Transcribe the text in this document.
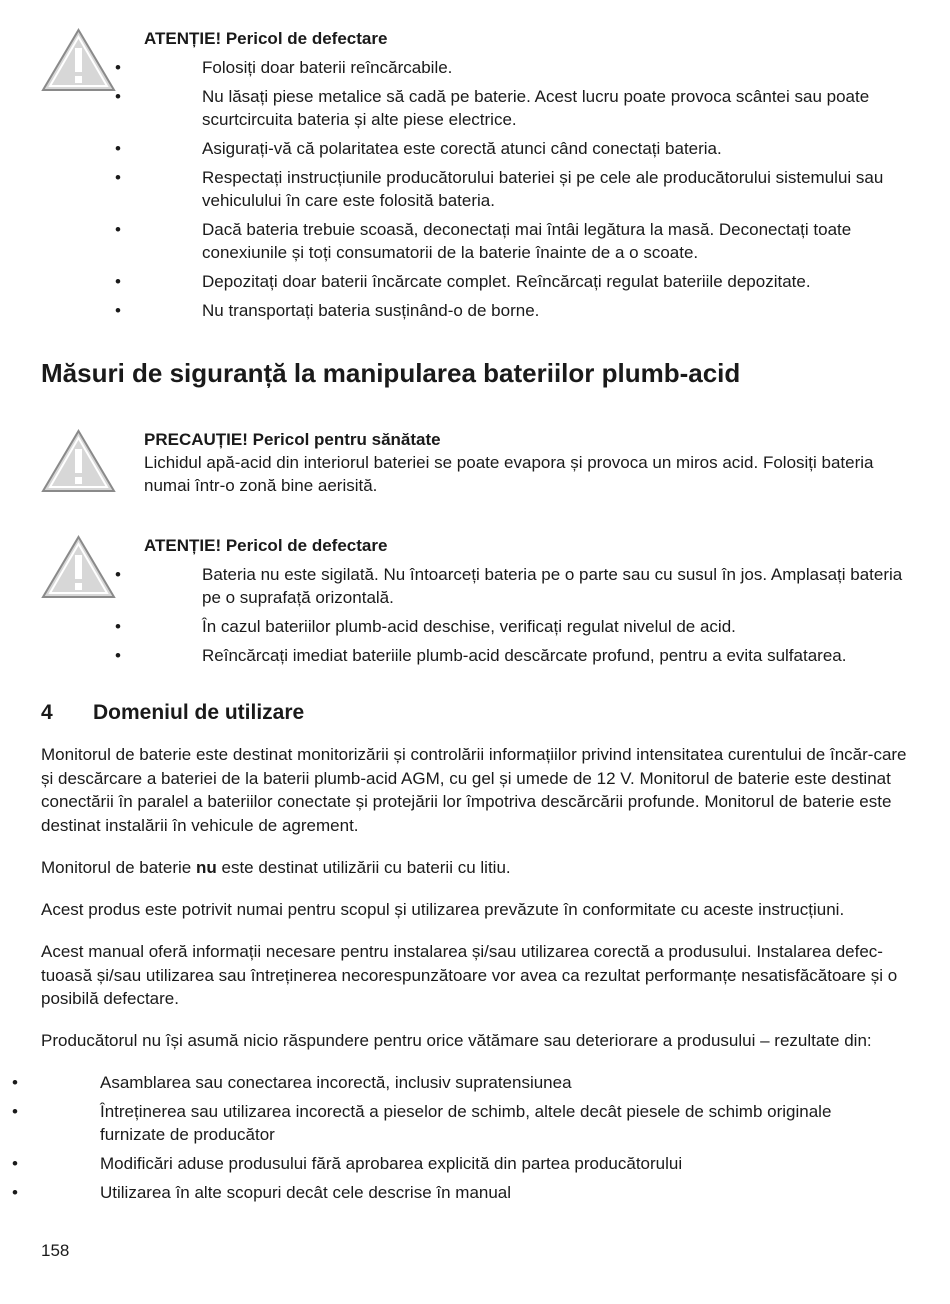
ATENȚIE! Pericol de defectare

•	Folosiți doar baterii reîncărcabile.
•	Nu lăsați piese metalice să cadă pe baterie. Acest lucru poate provoca scântei sau poate scurtcircuita bateria și alte piese electrice.
•	Asigurați-vă că polaritatea este corectă atunci când conectați bateria.
•	Respectați instrucțiunile producătorului bateriei și pe cele ale producătorului sistemului sau vehiculului în care este folosită bateria.
•	Dacă bateria trebuie scoasă, deconectați mai întâi legătura la masă. Deconectați toate conexiunile și toți consumatorii de la baterie înainte de a o scoate.
•	Depozitați doar baterii încărcate complet. Reîncărcați regulat bateriile depozitate.
•	Nu transportați bateria susținând-o de borne.
Măsuri de siguranță la manipularea bateriilor plumb-acid

PRECAUȚIE! Pericol pentru sănătate

Lichidul apă-acid din interiorul bateriei se poate evapora și provoca un miros acid. Folosiți bateria numai într-o zonă bine aerisită.

ATENȚIE! Pericol de defectare

•	Bateria nu este sigilată. Nu întoarceți bateria pe o parte sau cu susul în jos. Amplasați bateria pe o suprafață orizontală.
•	În cazul bateriilor plumb-acid deschise, verificați regulat nivelul de acid.
•	Reîncărcați imediat bateriile plumb-acid descărcate profund, pentru a evita sulfatarea.
4 Domeniul de utilizare

Monitorul de baterie este destinat monitorizării și controlării informațiilor privind intensitatea curentului de încăr-care și descărcare a bateriei de la baterii plumb-acid AGM, cu gel și umede de 12 V. Monitorul de baterie este destinat conectării în paralel a bateriilor conectate și protejării lor împotriva descărcării profunde. Monitorul de baterie este destinat instalării în vehicule de agrement.

Monitorul de baterie nu este destinat utilizării cu baterii cu litiu.

Acest produs este potrivit numai pentru scopul și utilizarea prevăzute în conformitate cu aceste instrucțiuni.

Acest manual oferă informații necesare pentru instalarea și/sau utilizarea corectă a produsului. Instalarea defec-tuoasă și/sau utilizarea sau întreținerea necorespunzătoare vor avea ca rezultat performanțe nesatisfăcătoare și o posibilă defectare.

Producătorul nu își asumă nicio răspundere pentru orice vătămare sau deteriorare a produsului – rezultate din:

•	Asamblarea sau conectarea incorectă, inclusiv supratensiunea
•	Întreținerea sau utilizarea incorectă a pieselor de schimb, altele decât piesele de schimb originale furnizate de producător
•	Modificări aduse produsului fără aprobarea explicită din partea producătorului
•	Utilizarea în alte scopuri decât cele descrise în manual

158
